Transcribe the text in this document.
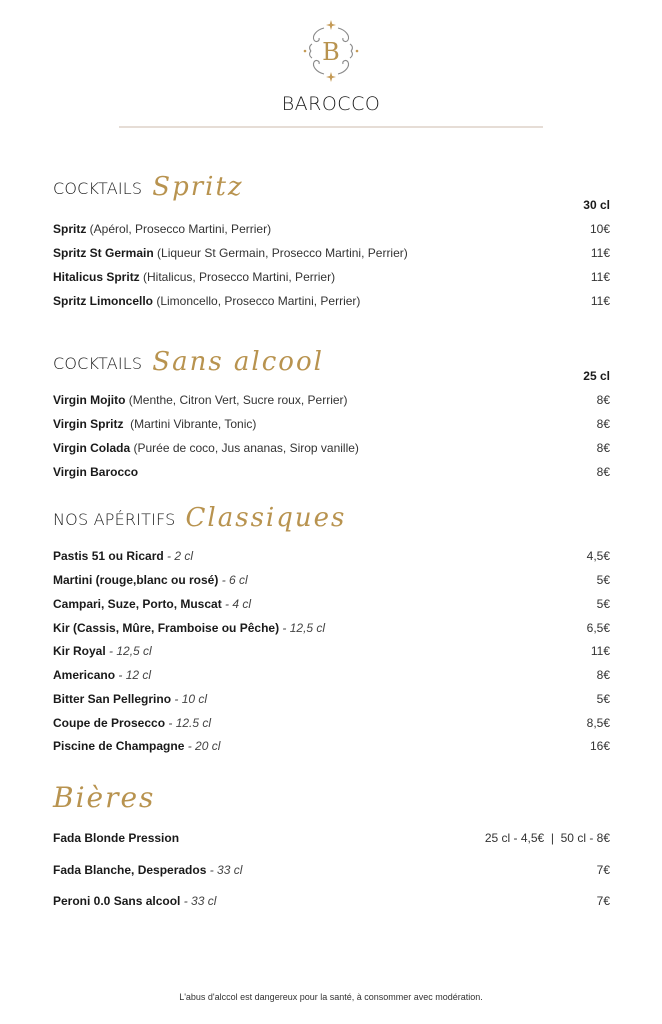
B
BAROCCO
COCKTAILS Spritz
30 cl
Spritz (Apérol, Prosecco Martini, Perrier)	10€
Spritz St Germain (Liqueur St Germain, Prosecco Martini, Perrier)	11€
Hitalicus Spritz (Hitalicus, Prosecco Martini, Perrier)	11€
Spritz Limoncello (Limoncello, Prosecco Martini, Perrier)	11€
COCKTAILS Sans alcool	25 cl
Virgin Mojito (Menthe, Citron Vert, Sucre roux, Perrier)	8€
Virgin Spritz  (Martini Vibrante, Tonic)	8€
Virgin Colada (Purée de coco, Jus ananas, Sirop vanille)	8€
Virgin Barocco	8€
NOS APÉRITIFS Classiques
Pastis 51 ou Ricard - 2 cl	4,5€
Martini (rouge,blanc ou rosé) - 6 cl	5€
Campari, Suze, Porto, Muscat - 4 cl	5€
Kir (Cassis, Mûre, Framboise ou Pêche) - 12,5 cl	6,5€
Kir Royal - 12,5 cl	11€
Americano - 12 cl	8€
Bitter San Pellegrino - 10 cl	5€
Coupe de Prosecco - 12.5 cl	8,5€
Piscine de Champagne - 20 cl	16€
Bières
Fada Blonde Pression	25 cl - 4,5€  |  50 cl - 8€
Fada Blanche, Desperados - 33 cl	7€
Peroni 0.0 Sans alcool - 33 cl	7€
L'abus d'alccol est dangereux pour la santé, à consommer avec modération.
